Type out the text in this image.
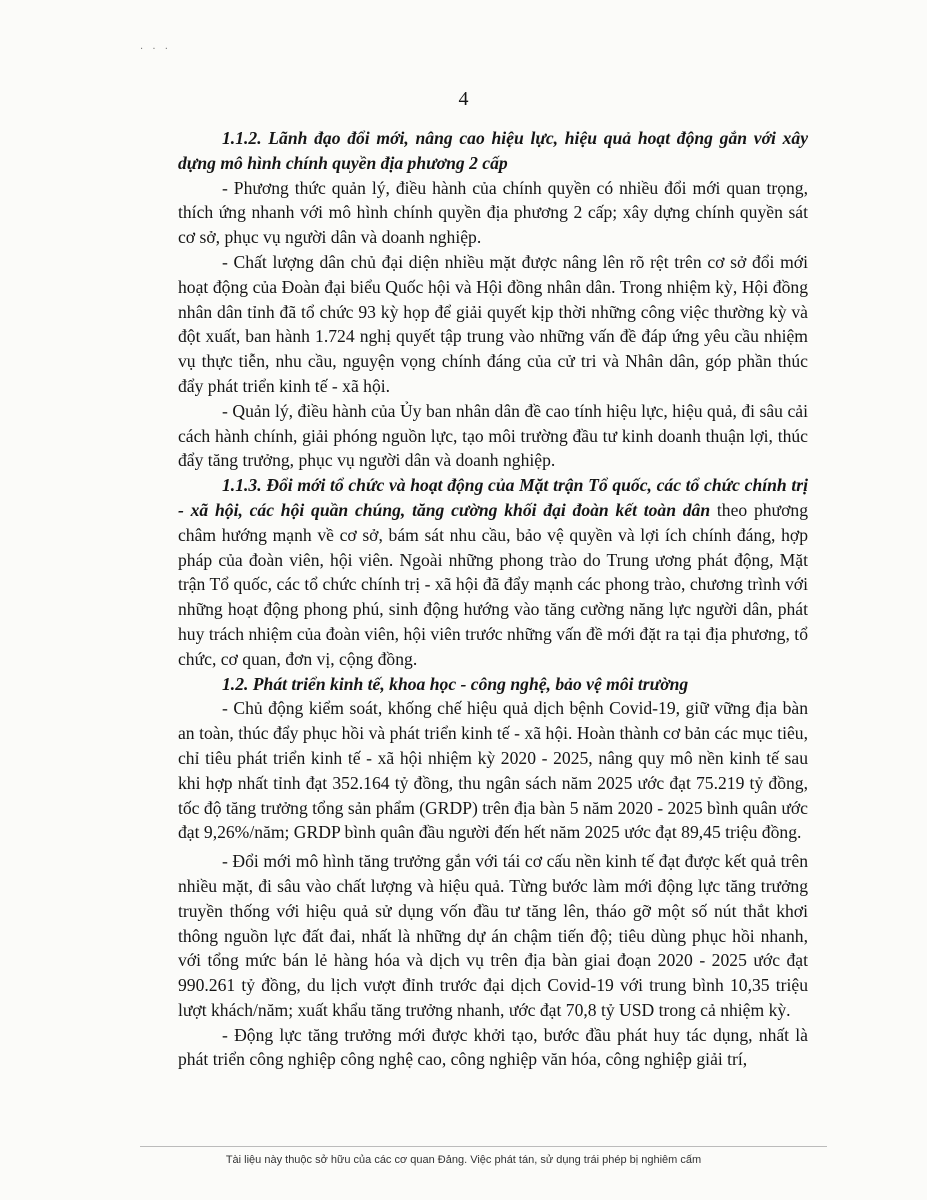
· · ·
4

1.1.2. Lãnh đạo đổi mới, nâng cao hiệu lực, hiệu quả hoạt động gắn với xây dựng mô hình chính quyền địa phương 2 cấp

- Phương thức quản lý, điều hành của chính quyền có nhiều đổi mới quan trọng, thích ứng nhanh với mô hình chính quyền địa phương 2 cấp; xây dựng chính quyền sát cơ sở, phục vụ người dân và doanh nghiệp.

- Chất lượng dân chủ đại diện nhiều mặt được nâng lên rõ rệt trên cơ sở đổi mới hoạt động của Đoàn đại biểu Quốc hội và Hội đồng nhân dân. Trong nhiệm kỳ, Hội đồng nhân dân tỉnh đã tổ chức 93 kỳ họp để giải quyết kịp thời những công việc thường kỳ và đột xuất, ban hành 1.724 nghị quyết tập trung vào những vấn đề đáp ứng yêu cầu nhiệm vụ thực tiễn, nhu cầu, nguyện vọng chính đáng của cử tri và Nhân dân, góp phần thúc đẩy phát triển kinh tế - xã hội.

- Quản lý, điều hành của Ủy ban nhân dân đề cao tính hiệu lực, hiệu quả, đi sâu cải cách hành chính, giải phóng nguồn lực, tạo môi trường đầu tư kinh doanh thuận lợi, thúc đẩy tăng trưởng, phục vụ người dân và doanh nghiệp.

1.1.3. Đổi mới tổ chức và hoạt động của Mặt trận Tổ quốc, các tổ chức chính trị - xã hội, các hội quần chúng, tăng cường khối đại đoàn kết toàn dân theo phương châm hướng mạnh về cơ sở, bám sát nhu cầu, bảo vệ quyền và lợi ích chính đáng, hợp pháp của đoàn viên, hội viên. Ngoài những phong trào do Trung ương phát động, Mặt trận Tổ quốc, các tổ chức chính trị - xã hội đã đẩy mạnh các phong trào, chương trình với những hoạt động phong phú, sinh động hướng vào tăng cường năng lực người dân, phát huy trách nhiệm của đoàn viên, hội viên trước những vấn đề mới đặt ra tại địa phương, tổ chức, cơ quan, đơn vị, cộng đồng.

1.2. Phát triển kinh tế, khoa học - công nghệ, bảo vệ môi trường

- Chủ động kiểm soát, khống chế hiệu quả dịch bệnh Covid-19, giữ vững địa bàn an toàn, thúc đẩy phục hồi và phát triển kinh tế - xã hội. Hoàn thành cơ bản các mục tiêu, chỉ tiêu phát triển kinh tế - xã hội nhiệm kỳ 2020 - 2025, nâng quy mô nền kinh tế sau khi hợp nhất tỉnh đạt 352.164 tỷ đồng, thu ngân sách năm 2025 ước đạt 75.219 tỷ đồng, tốc độ tăng trưởng tổng sản phẩm (GRDP) trên địa bàn 5 năm 2020 - 2025 bình quân ước đạt 9,26%/năm; GRDP bình quân đầu người đến hết năm 2025 ước đạt 89,45 triệu đồng.

- Đổi mới mô hình tăng trưởng gắn với tái cơ cấu nền kinh tế đạt được kết quả trên nhiều mặt, đi sâu vào chất lượng và hiệu quả. Từng bước làm mới động lực tăng trưởng truyền thống với hiệu quả sử dụng vốn đầu tư tăng lên, tháo gỡ một số nút thắt khơi thông nguồn lực đất đai, nhất là những dự án chậm tiến độ; tiêu dùng phục hồi nhanh, với tổng mức bán lẻ hàng hóa và dịch vụ trên địa bàn giai đoạn 2020 - 2025 ước đạt 990.261 tỷ đồng, du lịch vượt đỉnh trước đại dịch Covid-19 với trung bình 10,35 triệu lượt khách/năm; xuất khẩu tăng trưởng nhanh, ước đạt 70,8 tỷ USD trong cả nhiệm kỳ.

- Động lực tăng trưởng mới được khởi tạo, bước đầu phát huy tác dụng, nhất là phát triển công nghiệp công nghệ cao, công nghiệp văn hóa, công nghiệp giải trí,

Tài liệu này thuộc sở hữu của các cơ quan Đảng. Việc phát tán, sử dụng trái phép bị nghiêm cấm
